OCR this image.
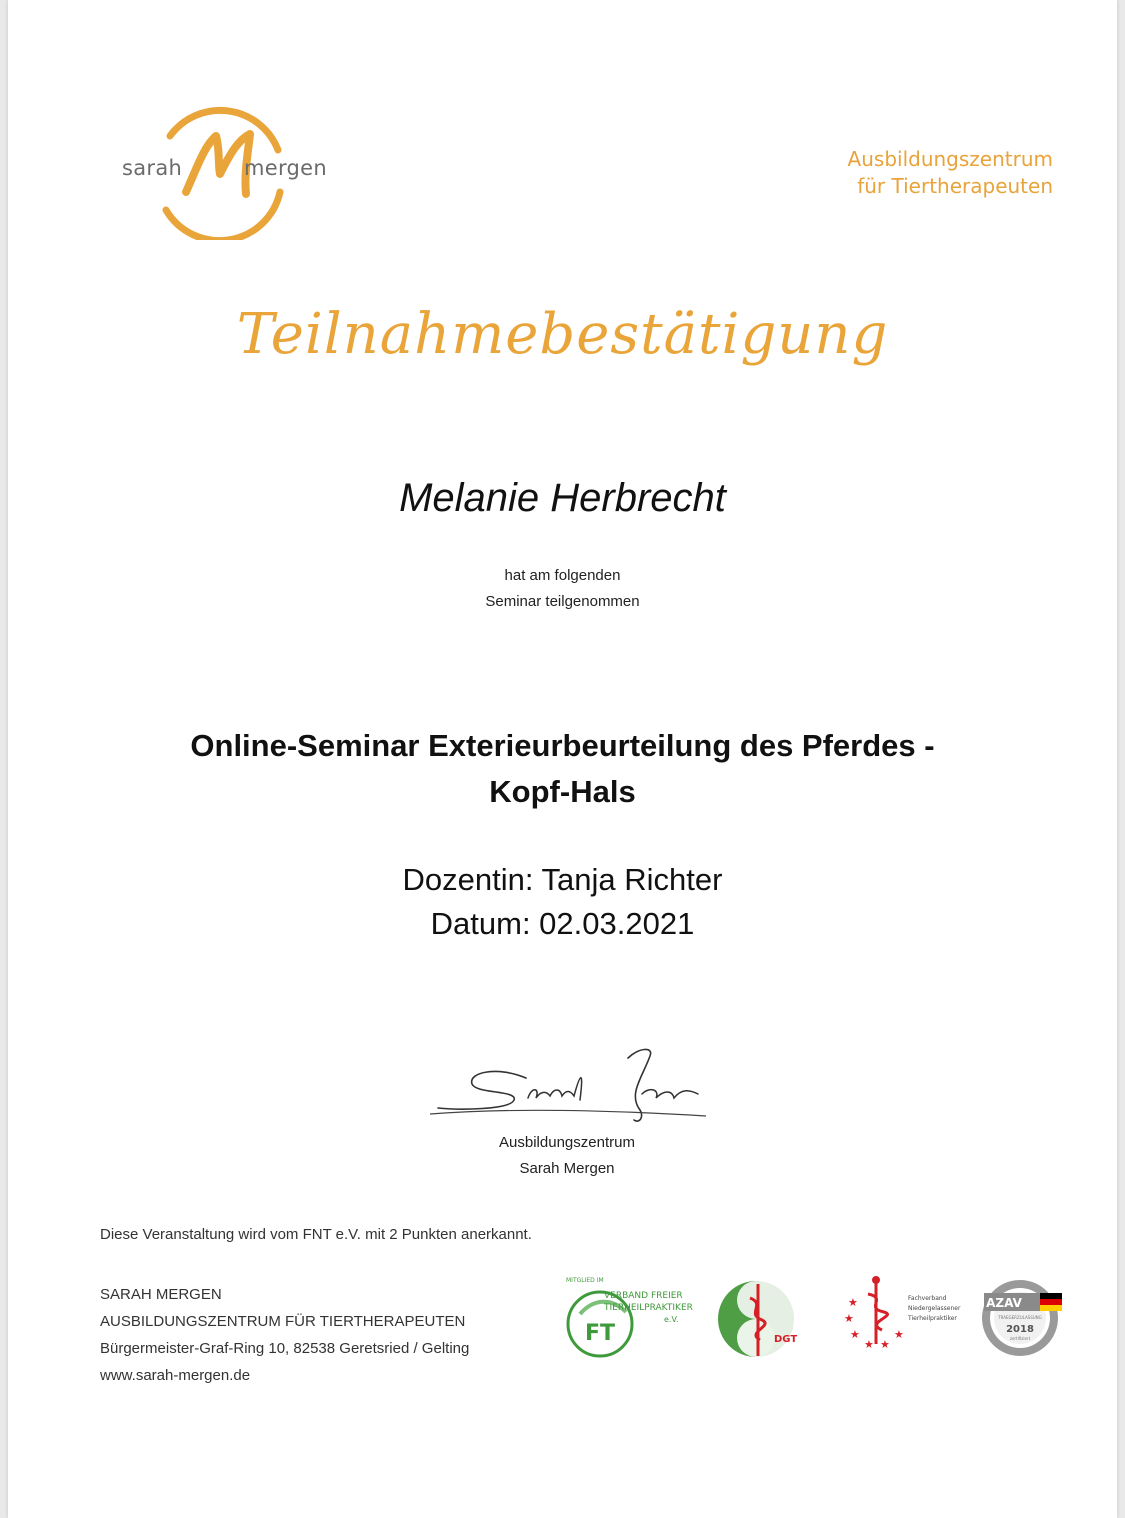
sarah	mergen	Ausbildungszentrum
für Tiertherapeuten
Teilnahmebestätigung
Melanie Herbrecht
hat am folgenden
Seminar teilgenommen
Online-Seminar Exterieurbeurteilung des Pferdes -
Kopf-Hals
Dozentin: Tanja Richter
Datum: 02.03.2021
Ausbildungszentrum
Sarah Mergen
Diese Veranstaltung wird vom FNT e.V. mit 2 Punkten anerkannt.
SARAH MERGEN
AUSBILDUNGSZENTRUM FÜR TIERTHERAPEUTEN
Bürgermeister-Graf-Ring 10, 82538 Geretsried / Gelting
www.sarah-mergen.de
MITGLIED IM
FT
VERBAND FREIER
TIERHEILPRAKTIKER
e.V.
DGT
★
★
★
★ ★
★
Fachverband
Niedergelassener
Tierheilpraktiker
AZAV
TRAEGERZULASSUNG
2018
zertifiziert
